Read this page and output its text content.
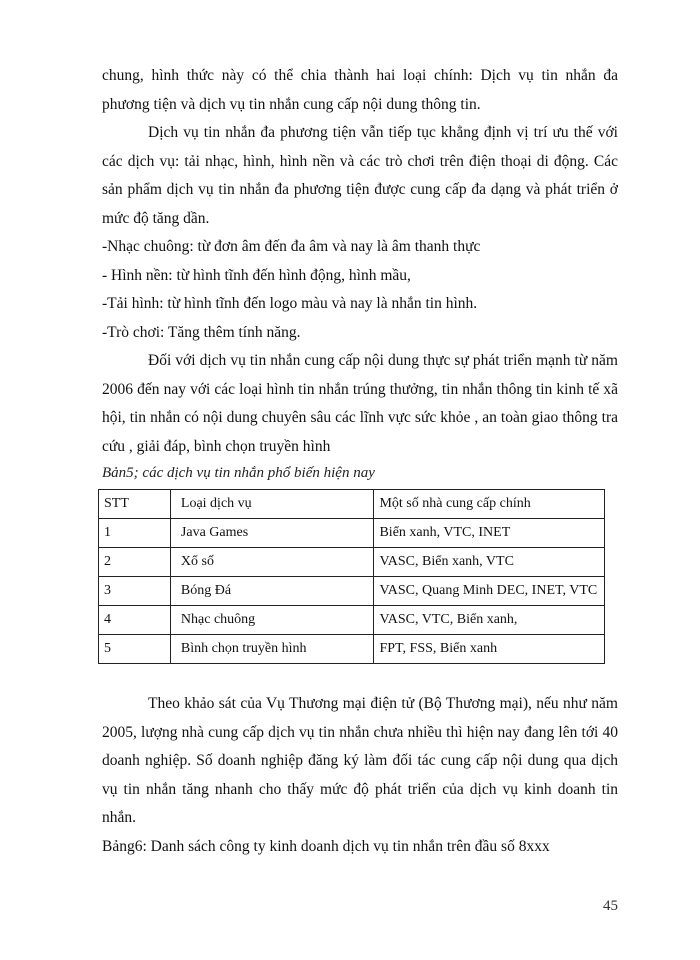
chung, hình thức này có thể chia thành hai loại chính: Dịch vụ tin nhắn đa

phương tiện và dịch vụ tin nhắn cung cấp nội dung thông tin.

Dịch vụ tin nhắn đa phương tiện vẫn tiếp tục khẳng định vị trí ưu thế với các dịch vụ: tải nhạc, hình, hình nền và các trò chơi trên điện thoại di động. Các sản phẩm dịch vụ tin nhắn đa phương tiện được cung cấp đa dạng và phát triển ở mức độ tăng dần.

-Nhạc chuông: từ đơn âm đến đa âm và nay là âm thanh thực

- Hình nền: từ hình tĩnh đến hình động, hình mầu,

-Tải hình: từ hình tĩnh đến logo màu và nay là nhắn tin hình.

-Trò chơi: Tăng thêm tính năng.

Đối với dịch vụ tin nhắn cung cấp nội dung thực sự phát triển mạnh từ năm 2006 đến nay với các loại hình tin nhắn trúng thưởng, tin nhắn thông tin kinh tế xã hội, tin nhắn có nội dung chuyên sâu các lĩnh vực sức khỏe , an toàn giao thông tra cứu , giải đáp, bình chọn truyền hình

Bản5; các dịch vụ tin nhắn phổ biến hiện nay
STT	Loại dịch vụ	Một số nhà cung cấp chính
1	Java Games	Biển xanh, VTC, INET
2	Xổ số	VASC, Biển xanh, VTC
3	Bóng Đá	VASC, Quang Minh DEC, INET, VTC
4	Nhạc chuông	VASC, VTC, Biển xanh,
5	Bình chọn truyền hình	FPT, FSS, Biển xanh

Theo khảo sát của Vụ Thương mại điện tử (Bộ Thương mại), nếu như năm 2005, lượng nhà cung cấp dịch vụ tin nhắn chưa nhiều thì hiện nay đang lên tới 40 doanh nghiệp. Số doanh nghiệp đăng ký làm đối tác cung cấp nội dung qua dịch vụ tin nhắn tăng nhanh cho thấy mức độ phát triển của dịch vụ kinh doanh tin nhắn.

Bảng6: Danh sách công ty kinh doanh dịch vụ tin nhắn trên đầu số 8xxx

45
